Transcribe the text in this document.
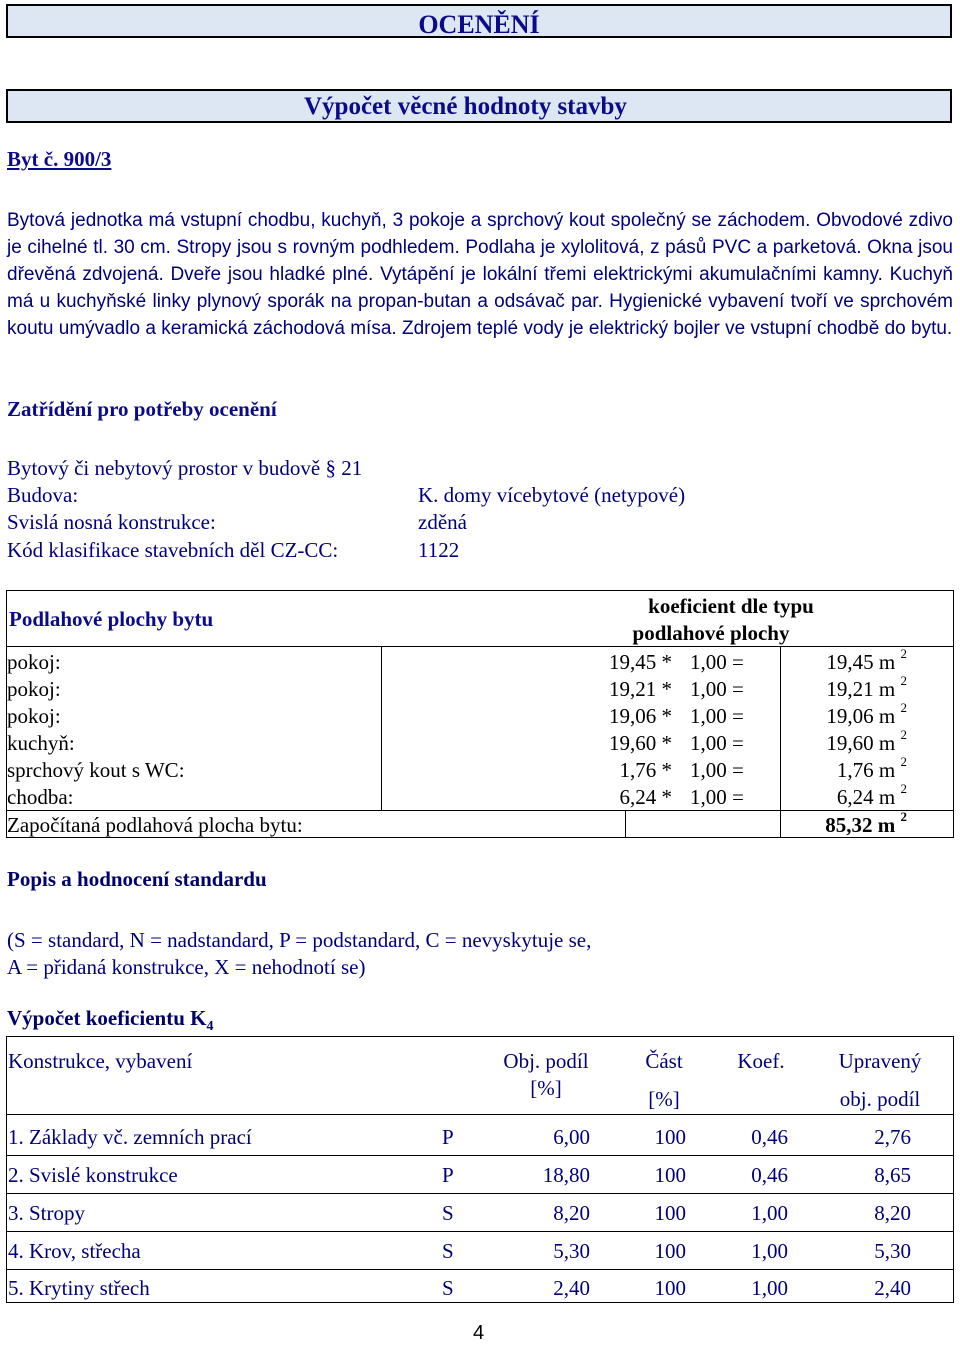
OCENĚNÍ
Výpočet věcné hodnoty stavby
Byt č. 900/3
Bytová jednotka má vstupní chodbu, kuchyň, 3 pokoje a sprchový kout společný se záchodem. Obvodové zdivo je cihelné tl. 30 cm. Stropy jsou s rovným podhledem. Podlaha je xylolitová, z pásů PVC a parketová. Okna jsou dřevěná zdvojená. Dveře jsou hladké plné. Vytápění je lokální třemi elektrickými akumulačními kamny. Kuchyň má u kuchyňské linky plynový sporák na propan-butan a odsávač par. Hygienické vybavení tvoří ve sprchovém koutu umývadlo a keramická záchodová mísa. Zdrojem teplé vody je elektrický bojler ve vstupní chodbě do bytu.
Zatřídění pro potřeby ocenění
Bytový či nebytový prostor v budově § 21
Budova:	K. domy vícebytové (netypové)
Svislá nosná konstrukce:	zděná
Kód klasifikace stavebních děl CZ-CC:	1122
Podlahové plochy bytu
koeficient dle typu
podlahové plochy
pokoj:	19,45 * 1,00 =	19,45 m $^2$
pokoj:	19,21 * 1,00 =	19,21 m $^2$
pokoj:	19,06 * 1,00 =	19,06 m $^2$
kuchyň:	19,60 * 1,00 =	19,60 m $^2$
sprchový kout s WC:	1,76 * 1,00 =	1,76 m $^2$
chodba:	6,24 * 1,00 =	6,24 m $^2$
Započítaná podlahová plocha bytu:	85,32 m $^2$
Popis a hodnocení standardu
(S = standard, N = nadstandard, P = podstandard, C = nevyskytuje se,
A = přidaná konstrukce, X = nehodnotí se)
Výpočet koeficientu $K_4$
Konstrukce, vybavení	Obj. podíl
[%]
Část
[%]
Koef.	Upravený
obj. podíl
1. Základy vč. zemních prací	P	6,00	100	0,46	2,76
2. Svislé konstrukce	P	18,80	100	0,46	8,65
3. Stropy	S	8,20	100	1,00	8,20
4. Krov, střecha	S	5,30	100	1,00	5,30
5. Krytiny střech	S	2,40	100	1,00	2,40
4
